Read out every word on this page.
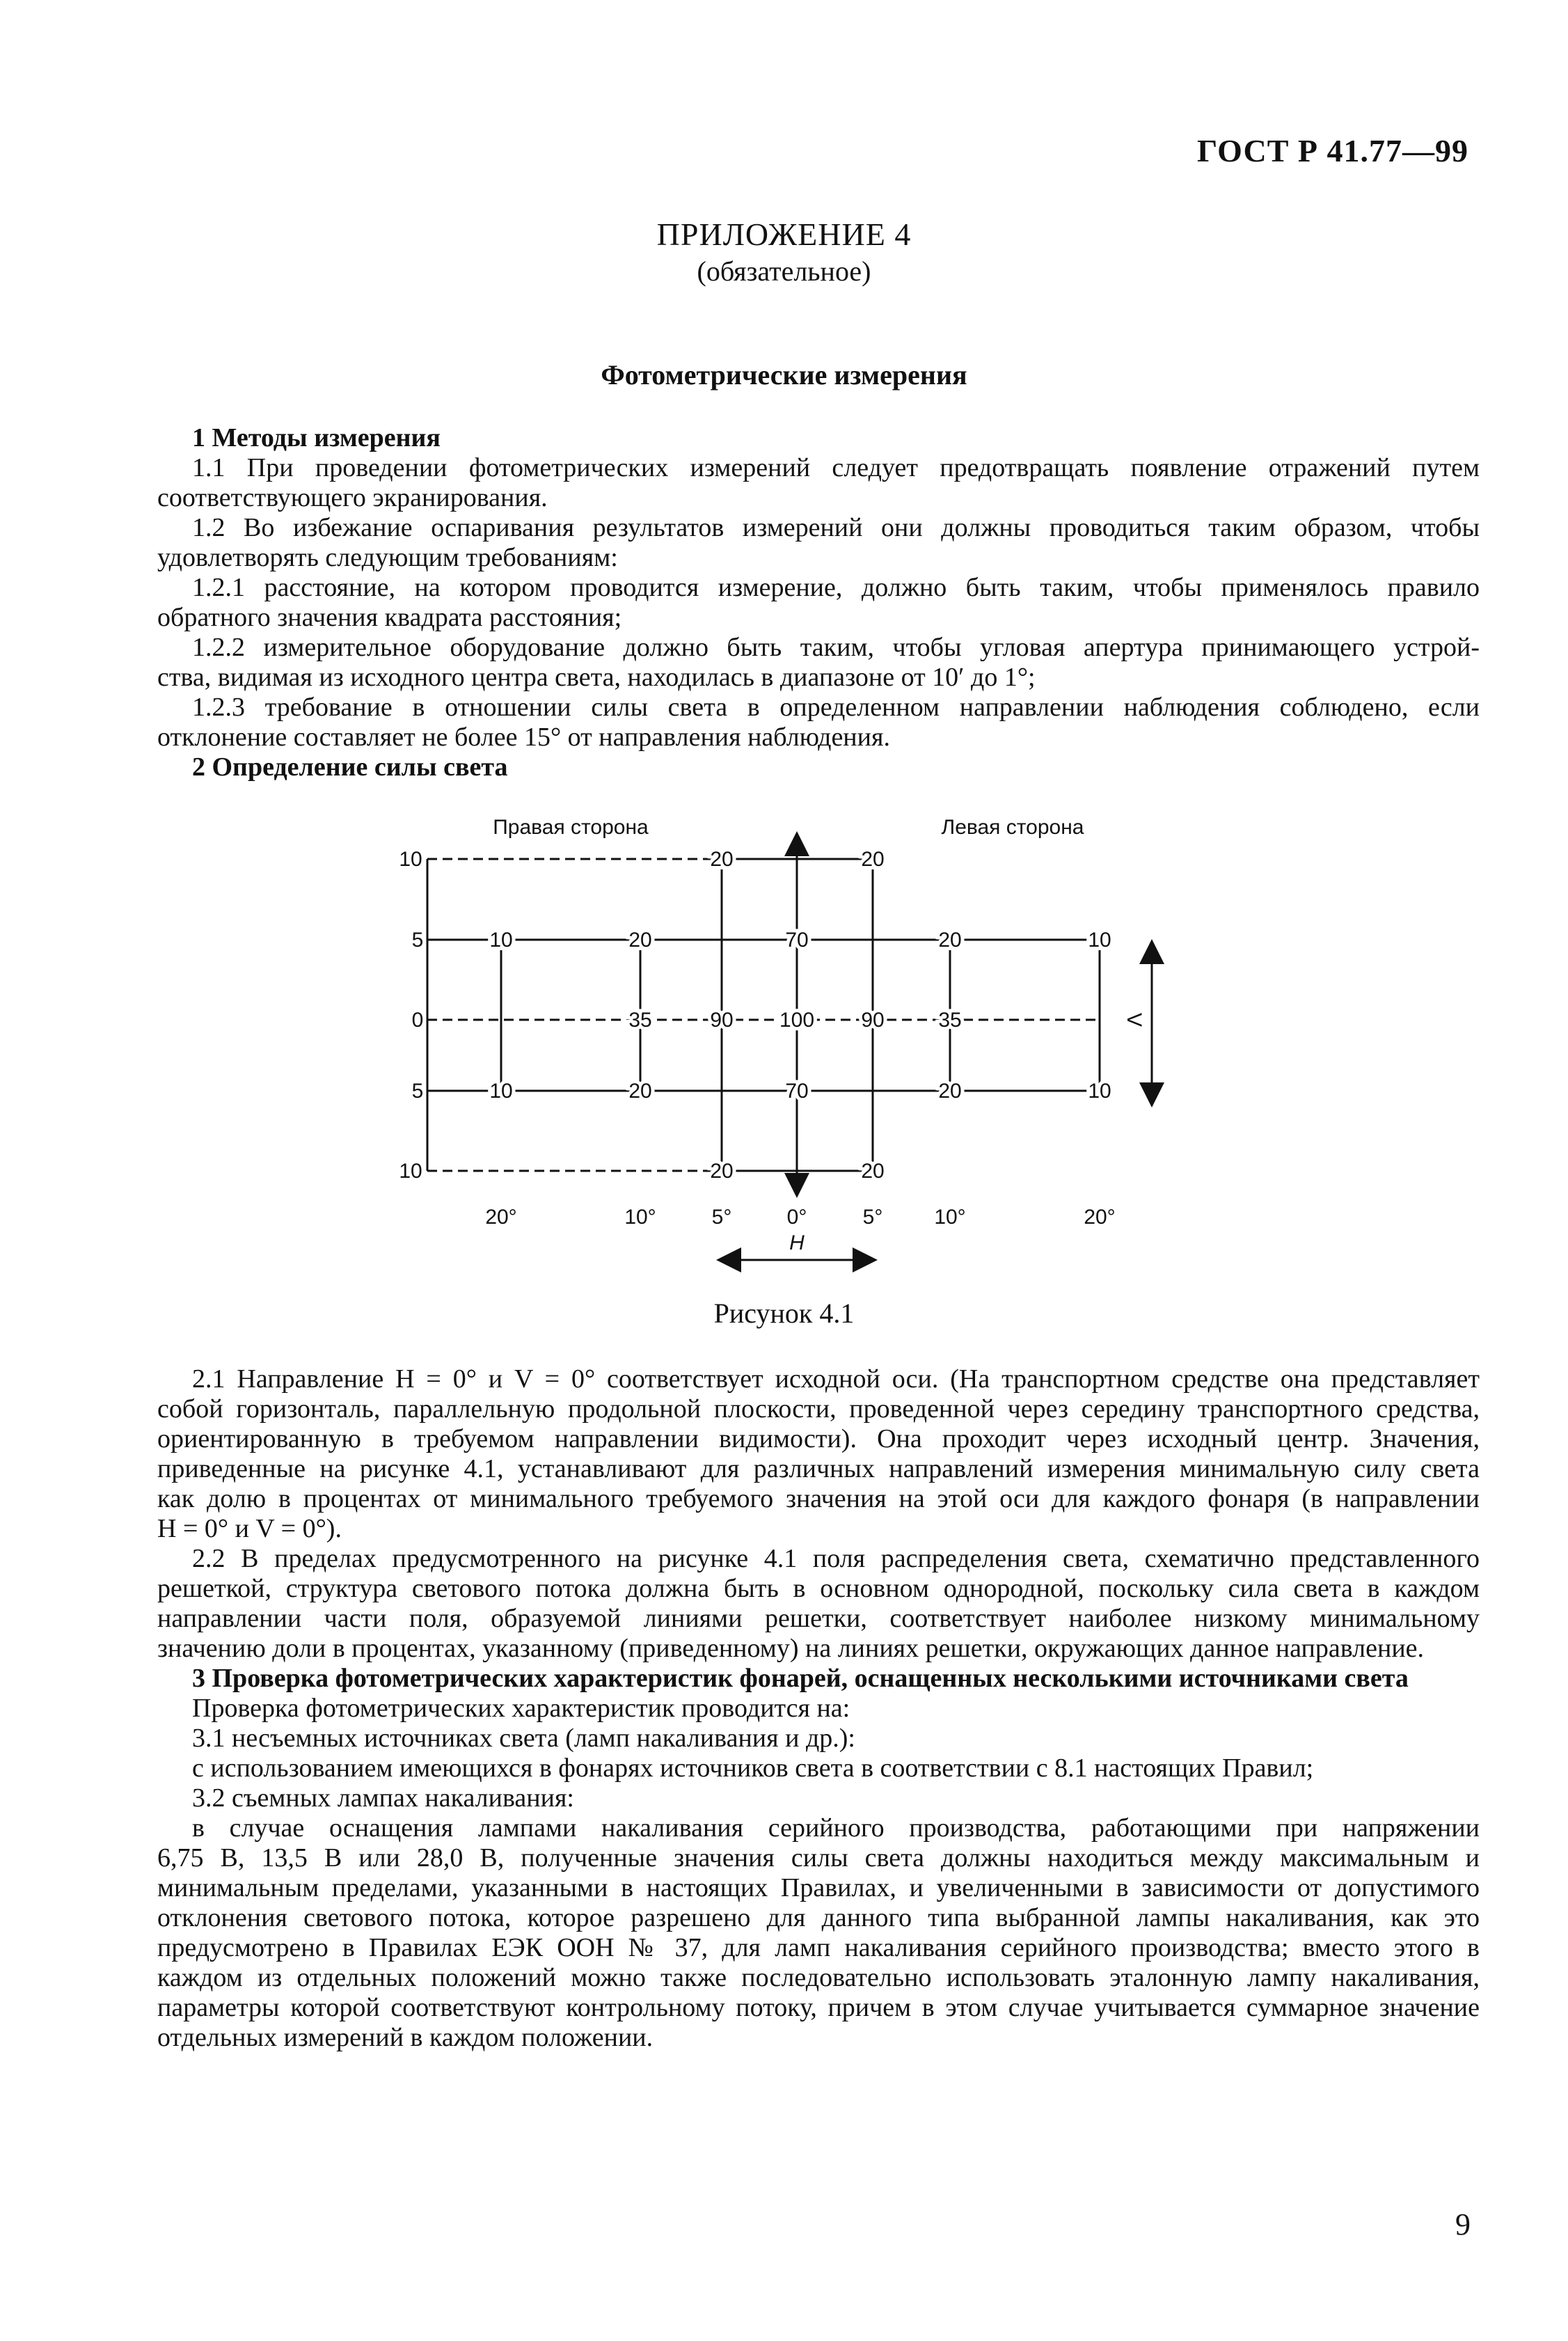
ГОСТ Р 41.77—99
ПРИЛОЖЕНИЕ 4
(обязательное)
Фотометрические измерения

1 Методы измерения

1.1 При проведении фотометрических измерений следует предотвращать появление отражений путем

соответствующего экранирования.

1.2 Во избежание оспаривания результатов измерений они должны проводиться таким образом, чтобы

удовлетворять следующим требованиям:

1.2.1 расстояние, на котором проводится измерение, должно быть таким, чтобы применялось правило

обратного значения квадрата расстояния;

1.2.2 измерительное оборудование должно быть таким, чтобы угловая апертура принимающего устрой-

ства, видимая из исходного центра света, находилась в диапазоне от 10′ до 1°;

1.2.3 требование в отношении силы света в определенном направлении наблюдения соблюдено, если

отклонение составляет не более 15° от направления наблюдения.

2 Определение силы света

Правая сторона	Левая сторона
10
5
0
5
10
20	20
10	20	70	20	10
35	90 100 90	35
10	20	70	20	10
20	20
20°	10°	5°	0°	5° 10°	20°
V
H
Рисунок 4.1

2.1 Направление H = 0° и V = 0° соответствует исходной оси. (На транспортном средстве она представляет

собой горизонталь, параллельную продольной плоскости, проведенной через середину транспортного средства,

ориентированную в требуемом направлении видимости). Она проходит через исходный центр. Значения,

приведенные на рисунке 4.1, устанавливают для различных направлений измерения минимальную силу света

как долю в процентах от минимального требуемого значения на этой оси для каждого фонаря (в направлении

H = 0° и V = 0°).

2.2 В пределах предусмотренного на рисунке 4.1 поля распределения света, схематично представленного

решеткой, структура светового потока должна быть в основном однородной, поскольку сила света в каждом

направлении части поля, образуемой линиями решетки, соответствует наиболее низкому минимальному

значению доли в процентах, указанному (приведенному) на линиях решетки, окружающих данное направление.

3 Проверка фотометрических характеристик фонарей, оснащенных несколькими источниками света

Проверка фотометрических характеристик проводится на:

3.1 несъемных источниках света (ламп накаливания и др.):

с использованием имеющихся в фонарях источников света в соответствии с 8.1 настоящих Правил;

3.2 съемных лампах накаливания:

в случае оснащения лампами накаливания серийного производства, работающими при напряжении

6,75 В, 13,5 В или 28,0 В, полученные значения силы света должны находиться между максимальным и

минимальным пределами, указанными в настоящих Правилах, и увеличенными в зависимости от допустимого

отклонения светового потока, которое разрешено для данного типа выбранной лампы накаливания, как это

предусмотрено в Правилах ЕЭК ООН № 37, для ламп накаливания серийного производства; вместо этого в

каждом из отдельных положений можно также последовательно использовать эталонную лампу накаливания,

параметры которой соответствуют контрольному потоку, причем в этом случае учитывается суммарное значение

отдельных измерений в каждом положении.

9
